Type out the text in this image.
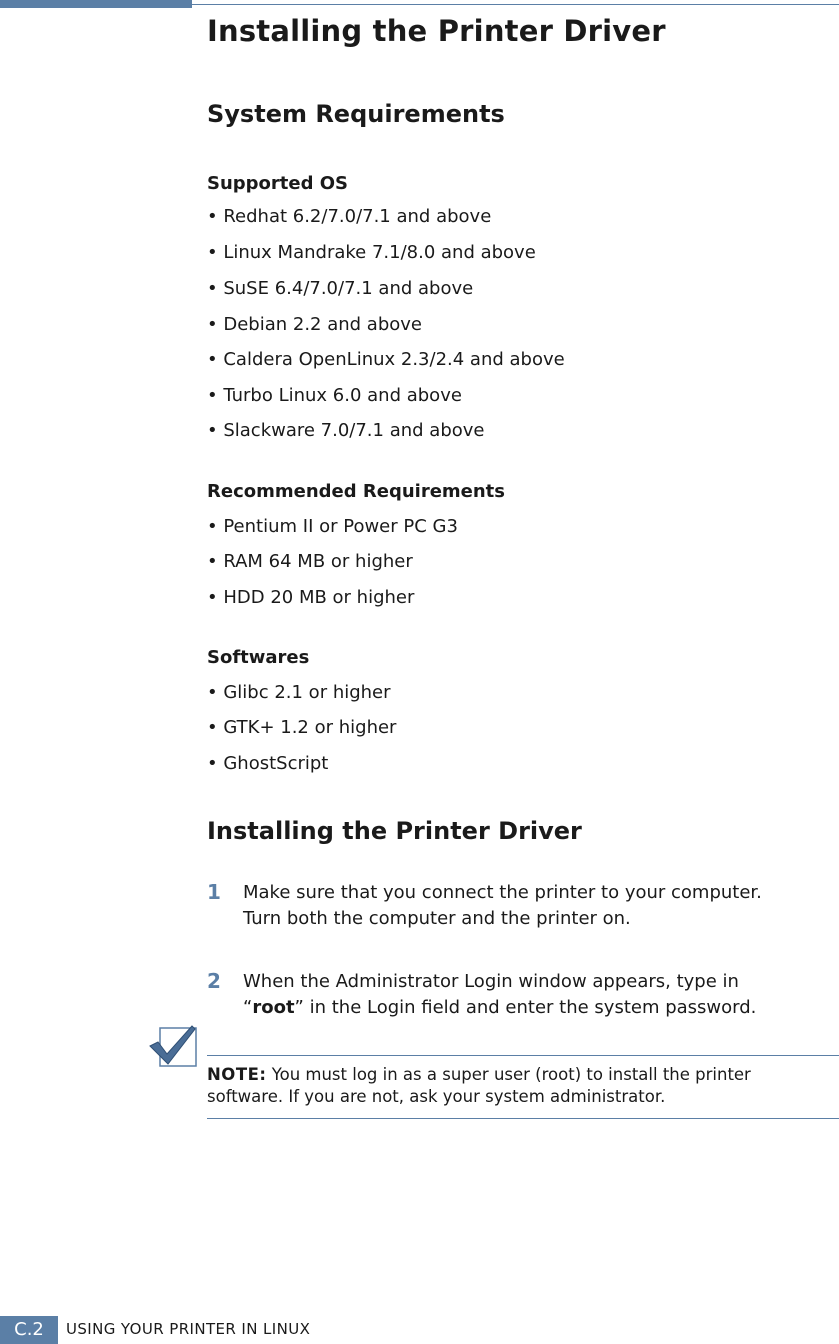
Installing the Printer Driver
System Requirements
Supported OS
• Redhat 6.2/7.0/7.1 and above
• Linux Mandrake 7.1/8.0 and above
• SuSE 6.4/7.0/7.1 and above
• Debian 2.2 and above
• Caldera OpenLinux 2.3/2.4 and above
• Turbo Linux 6.0 and above
• Slackware 7.0/7.1 and above
Recommended Requirements
• Pentium II or Power PC G3
• RAM 64 MB or higher
• HDD 20 MB or higher
Softwares
• Glibc 2.1 or higher
• GTK+ 1.2 or higher
• GhostScript
Installing the Printer Driver
1 Make sure that you connect the printer to your computer.
Turn both the computer and the printer on.
2 When the Administrator Login window appears, type in
“root” in the Login field and enter the system password.
NOTE: You must log in as a super user (root) to install the printer
software. If you are not, ask your system administrator.
C.2	USING YOUR PRINTER IN LINUX
